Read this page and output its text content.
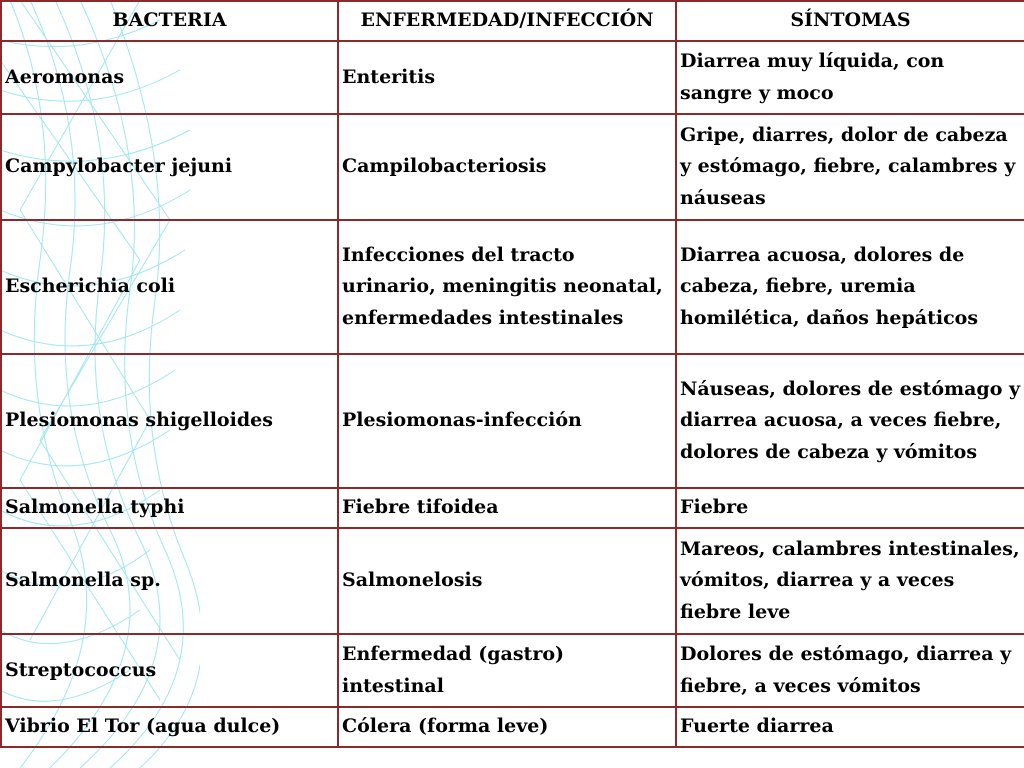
BACTERIA	ENFERMEDAD/INFECCIÓN	SÍNTOMAS
Aeromonas	Enteritis	Diarrea muy líquida, con sangre y moco
Campylobacter jejuni	Campilobacteriosis	Gripe, diarres, dolor de cabeza y estómago, fiebre, calambres y náuseas
Escherichia coli	Infecciones del tracto urinario, meningitis neonatal, enfermedades intestinales	Diarrea acuosa, dolores de cabeza, fiebre, uremia homilética, daños hepáticos
Plesiomonas shigelloides	Plesiomonas-infección	Náuseas, dolores de estómago y diarrea acuosa, a veces fiebre, dolores de cabeza y vómitos
Salmonella typhi	Fiebre tifoidea	Fiebre
Salmonella sp.	Salmonelosis	Mareos, calambres intestinales, vómitos, diarrea y a veces fiebre leve
Streptococcus	Enfermedad (gastro) intestinal	Dolores de estómago, diarrea y fiebre, a veces vómitos
Vibrio El Tor (agua dulce)	Cólera (forma leve)	Fuerte diarrea
